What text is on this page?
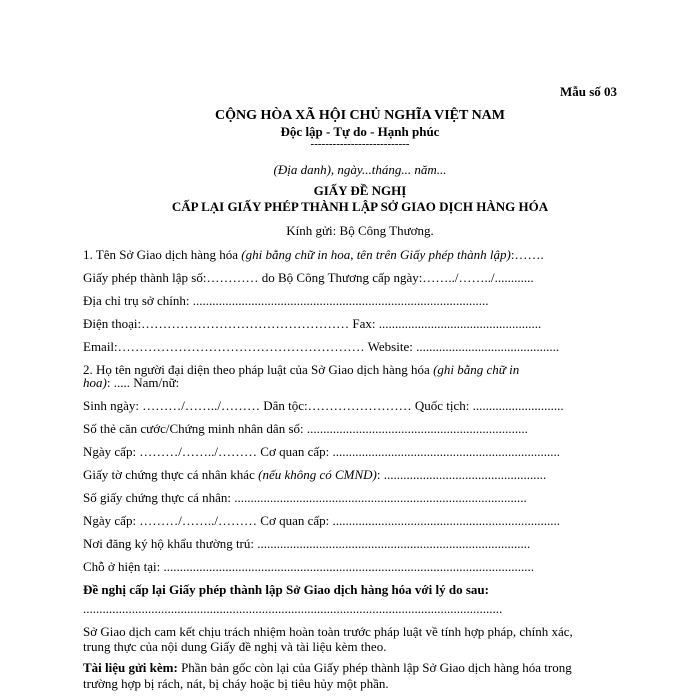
Mẫu số 03
CỘNG HÒA XÃ HỘI CHỦ NGHĨA VIỆT NAM
Độc lập - Tự do - Hạnh phúc
---------------------------
(Địa danh), ngày...tháng... năm...
GIẤY ĐỀ NGHỊ
CẤP LẠI GIẤY PHÉP THÀNH LẬP SỞ GIAO DỊCH HÀNG HÓA
Kính gửi: Bộ Công Thương.
1. Tên Sở Giao dịch hàng hóa (ghi bằng chữ in hoa, tên trên Giấy phép thành lập):…….
Giấy phép thành lập số:………… do Bộ Công Thương cấp ngày:……../……../............
Địa chỉ trụ sở chính: ...........................................................................................
Điện thoại:………………………………………… Fax: ..................................................
Email:………………………………………………… Website: ............................................
2. Họ tên người đại diện theo pháp luật của Sở Giao dịch hàng hóa (ghi bằng chữ in
hoa): ..... Nam/nữ:
Sinh ngày: ………/……../……… Dân tộc:…………………… Quốc tịch: ............................
Số thẻ căn cước/Chứng minh nhân dân số: ....................................................................
Ngày cấp: ………/……../……… Cơ quan cấp: ......................................................................
Giấy tờ chứng thực cá nhân khác (nếu không có CMND): ..................................................
Số giấy chứng thực cá nhân: ..........................................................................................
Ngày cấp: ………/……../……… Cơ quan cấp: ......................................................................
Nơi đăng ký hộ khẩu thường trú: ....................................................................................
Chỗ ở hiện tại: ..................................................................................................................
Đề nghị cấp lại Giấy phép thành lập Sở Giao dịch hàng hóa với lý do sau:
.................................................................................................................................
Sở Giao dịch cam kết chịu trách nhiệm hoàn toàn trước pháp luật về tính hợp pháp, chính xác,
trung thực của nội dung Giấy đề nghị và tài liệu kèm theo.
Tài liệu gửi kèm: Phần bản gốc còn lại của Giấy phép thành lập Sở Giao dịch hàng hóa trong
trường hợp bị rách, nát, bị cháy hoặc bị tiêu hủy một phần.
